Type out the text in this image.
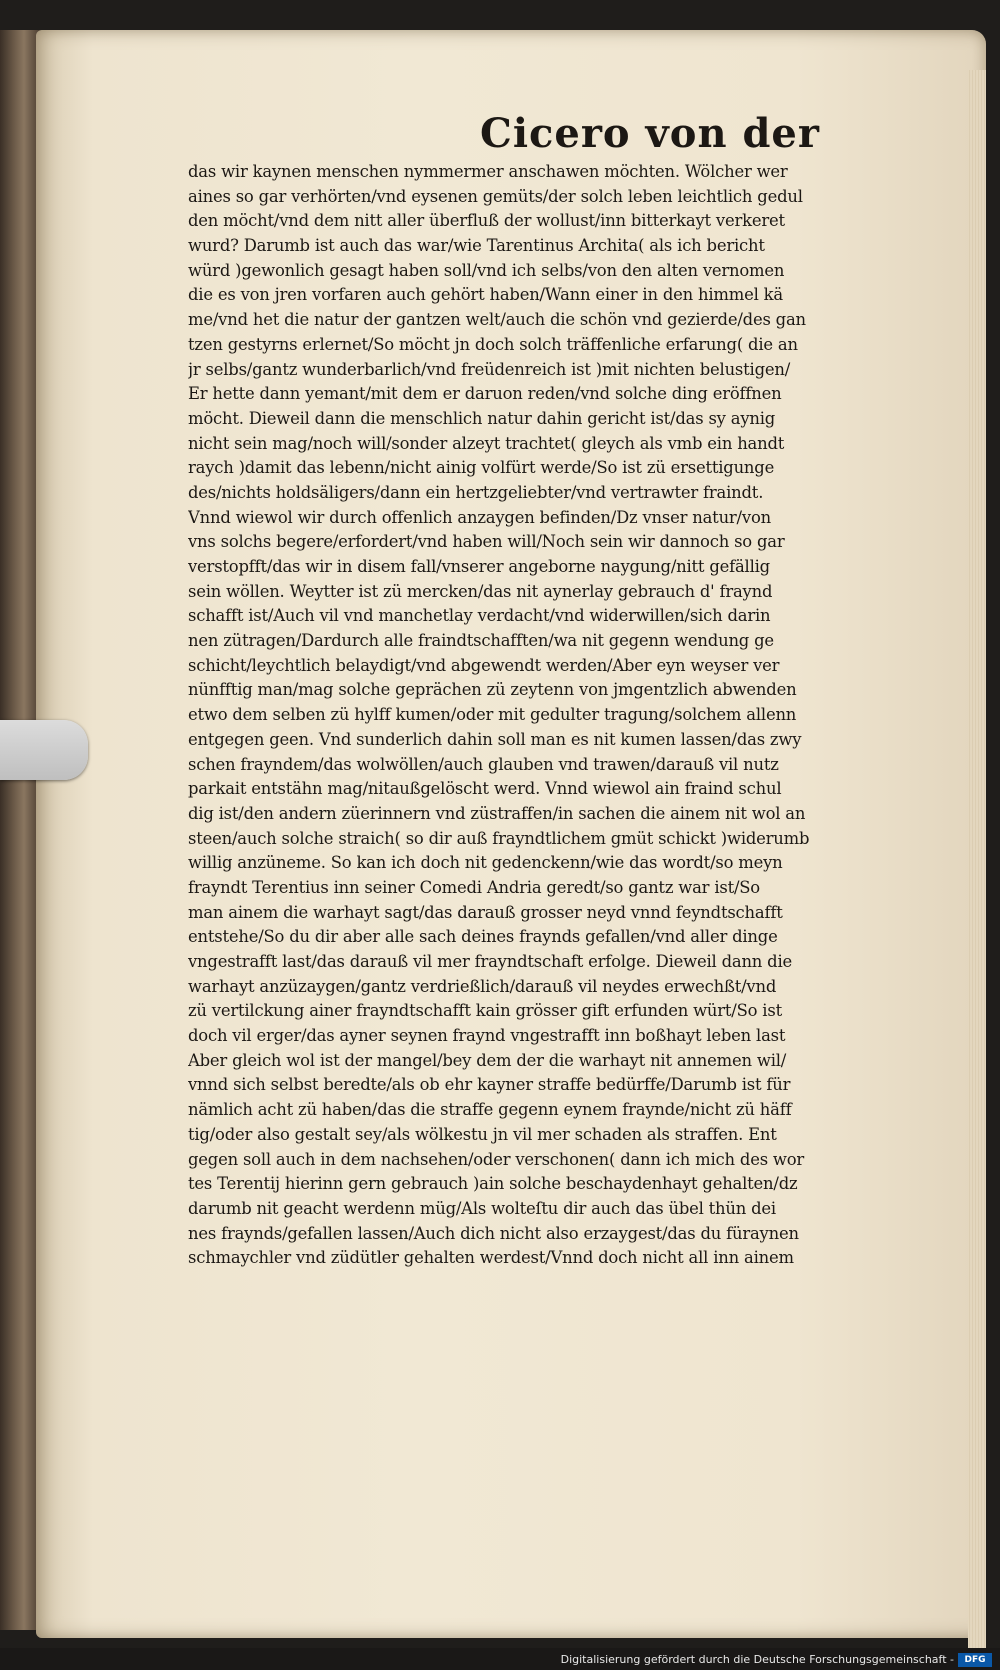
Cicero von der
das wir kaynen menschen nymmermer anschawen möchten. Wölcher wer
aines so gar verhörten/vnd eysenen gemüts/der solch leben leichtlich gedul
den möcht/vnd dem nitt aller überfluß der wollust/inn bitterkayt verkeret
wurd? Darumb ist auch das war/wie Tarentinus Archita( als ich bericht
würd )gewonlich gesagt haben soll/vnd ich selbs/von den alten vernomen
die es von jren vorfaren auch gehört haben/Wann einer in den himmel kä
me/vnd het die natur der gantzen welt/auch die schön vnd gezierde/des gan
tzen gestyrns erlernet/So möcht jn doch solch träffenliche erfarung( die an
jr selbs/gantz wunderbarlich/vnd freüdenreich ist )mit nichten belustigen/
Er hette dann yemant/mit dem er daruon reden/vnd solche ding eröffnen
möcht. Dieweil dann die menschlich natur dahin gericht ist/das sy aynig
nicht sein mag/noch will/sonder alzeyt trachtet( gleych als vmb ein handt
raych )damit das lebenn/nicht ainig volfürt werde/So ist zü ersettigunge
des/nichts holdsäligers/dann ein hertzgeliebter/vnd vertrawter fraindt.
Vnnd wiewol wir durch offenlich anzaygen befinden/Dz vnser natur/von
vns solchs begere/erfordert/vnd haben will/Noch sein wir dannoch so gar
verstopfft/das wir in disem fall/vnserer angeborne naygung/nitt gefällig
sein wöllen. Weytter ist zü mercken/das nit aynerlay gebrauch d' fraynd
schafft ist/Auch vil vnd manchetlay verdacht/vnd widerwillen/sich darin
nen zütragen/Dardurch alle fraindtschafften/wa nit gegenn wendung ge
schicht/leychtlich belaydigt/vnd abgewendt werden/Aber eyn weyser ver
nünfftig man/mag solche geprächen zü zeytenn von jmgentzlich abwenden
etwo dem selben zü hylff kumen/oder mit gedulter tragung/solchem allenn
entgegen geen. Vnd sunderlich dahin soll man es nit kumen lassen/das zwy
schen frayndem/das wolwöllen/auch glauben vnd trawen/darauß vil nutz
parkait entstähn mag/nitaußgelöscht werd. Vnnd wiewol ain fraind schul
dig ist/den andern züerinnern vnd züstraffen/in sachen die ainem nit wol an
steen/auch solche straich( so dir auß frayndtlichem gmüt schickt )widerumb
willig anzüneme. So kan ich doch nit gedenckenn/wie das wordt/so meyn
frayndt Terentius inn seiner Comedi Andria geredt/so gantz war ist/So
man ainem die warhayt sagt/das darauß grosser neyd vnnd feyndtschafft
entstehe/So du dir aber alle sach deines fraynds gefallen/vnd aller dinge
vngestrafft last/das darauß vil mer frayndtschaft erfolge. Dieweil dann die
warhayt anzüzaygen/gantz verdrießlich/darauß vil neydes erwechßt/vnd
zü vertilckung ainer frayndtschafft kain grösser gift erfunden würt/So ist
doch vil erger/das ayner seynen fraynd vngestrafft inn boßhayt leben last
Aber gleich wol ist der mangel/bey dem der die warhayt nit annemen wil/
vnnd sich selbst beredte/als ob ehr kayner straffe bedürffe/Darumb ist für
nämlich acht zü haben/das die straffe gegenn eynem fraynde/nicht zü häff
tig/oder also gestalt sey/als wölkestu jn vil mer schaden als straffen. Ent
gegen soll auch in dem nachsehen/oder verschonen( dann ich mich des wor
tes Terentij hierinn gern gebrauch )ain solche beschaydenhayt gehalten/dz
darumb nit geacht werdenn müg/Als wolteſtu dir auch das übel thün dei
nes fraynds/gefallen lassen/Auch dich nicht also erzaygest/das du füraynen
schmaychler vnd züdütler gehalten werdest/Vnnd doch nicht all inn ainem
Digitalisierung gefördert durch die Deutsche Forschungsgemeinschaft -	DFG
